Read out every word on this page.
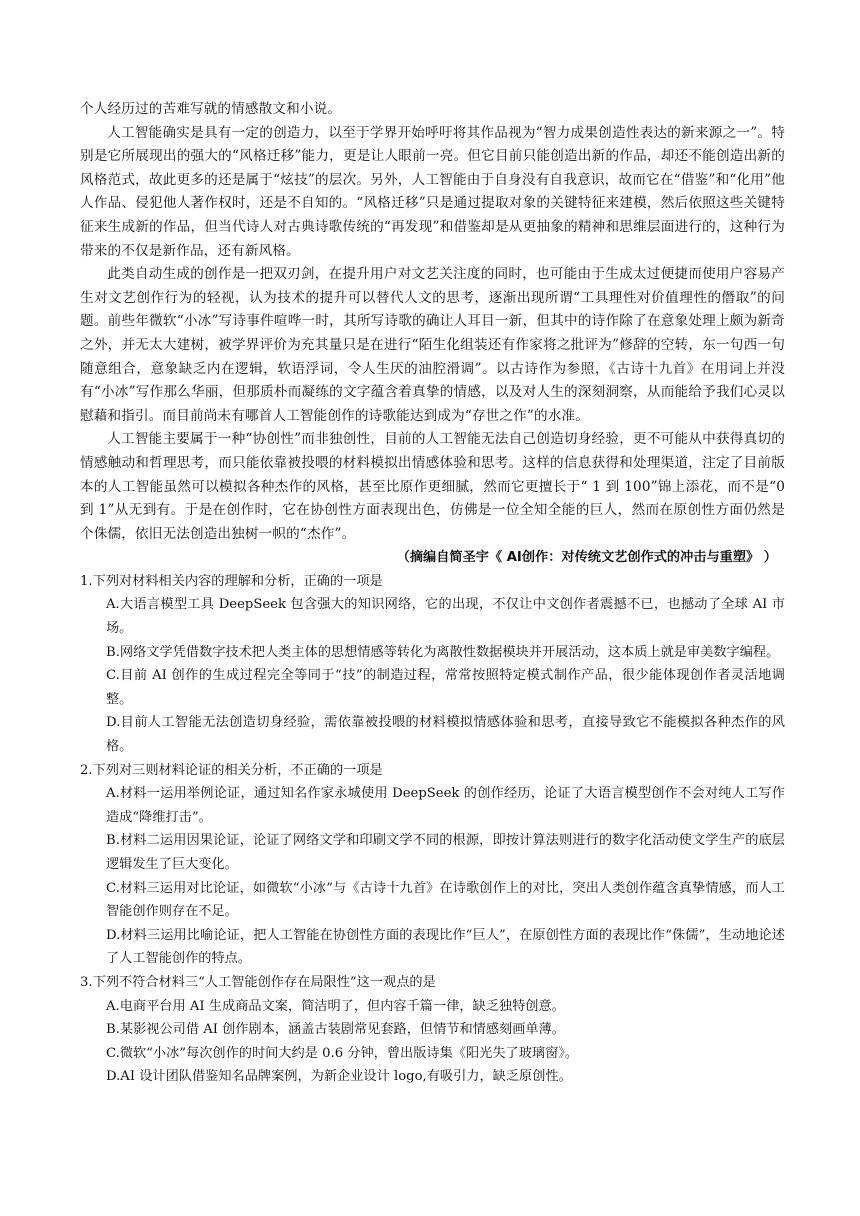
个人经历过的苦难写就的情感散文和小说。

人工智能确实是具有一定的创造力，以至于学界开始呼吁将其作品视为“智力成果创造性表达的新来源之一”。特别是它所展现出的强大的“风格迁移”能力，更是让人眼前一亮。但它目前只能创造出新的作品，却还不能创造出新的风格范式，故此更多的还是属于“炫技”的层次。另外，人工智能由于自身没有自我意识，故而它在“借鉴”和“化用”他人作品、侵犯他人著作权时，还是不自知的。“风格迁移”只是通过提取对象的关键特征来建模，然后依照这些关键特征来生成新的作品，但当代诗人对古典诗歌传统的“再发现”和借鉴却是从更抽象的精神和思维层面进行的，这种行为带来的不仅是新作品，还有新风格。

此类自动生成的创作是一把双刃剑，在提升用户对文艺关注度的同时，也可能由于生成太过便捷而使用户容易产生对文艺创作行为的轻视，认为技术的提升可以替代人文的思考，逐渐出现所谓“工具理性对价值理性的僭取”的问题。前些年微软“小冰”写诗事件喧哗一时，其所写诗歌的确让人耳目一新，但其中的诗作除了在意象处理上颇为新奇之外，并无太大建树，被学界评价为充其量只是在进行“陌生化组装还有作家将之批评为”修辞的空转，东一句西一句随意组合，意象缺乏内在逻辑，软语浮词，令人生厌的油腔滑调”。以古诗作为参照，《古诗十九首》在用词上并没有“小冰”写作那么华丽，但那质朴而凝练的文字蕴含着真挚的情感，以及对人生的深刻洞察，从而能给予我们心灵以慰藉和指引。而目前尚未有哪首人工智能创作的诗歌能达到成为“存世之作”的水准。

人工智能主要属于一种“协创性”而非独创性，目前的人工智能无法自己创造切身经验，更不可能从中获得真切的情感触动和哲理思考，而只能依靠被投喂的材料模拟出情感体验和思考。这样的信息获得和处理渠道，注定了目前版本的人工智能虽然可以模拟各种杰作的风格，甚至比原作更细腻，然而它更擅长于“ 1 到 100”锦上添花，而不是“0 到 1”从无到有。于是在创作时，它在协创性方面表现出色，仿佛是一位全知全能的巨人，然而在原创性方面仍然是个侏儒，依旧无法创造出独树一帜的“杰作”。

（摘编自简圣宇《 AI创作：对传统文艺创作式的冲击与重塑》 ）

1.下列对材料相关内容的理解和分析，正确的一项是

A.大语言模型工具 DeepSeek 包含强大的知识网络，它的出现，不仅让中文创作者震撼不已，也撼动了全球 AI 市场。

B.网络文学凭借数字技术把人类主体的思想情感等转化为离散性数据模块并开展活动，这本质上就是审美数字编程。

C.目前 AI 创作的生成过程完全等同于“技”的制造过程，常常按照特定模式制作产品，很少能体现创作者灵活地调整。

D.目前人工智能无法创造切身经验，需依靠被投喂的材料模拟情感体验和思考，直接导致它不能模拟各种杰作的风格。

2.下列对三则材料论证的相关分析，不正确的一项是

A.材料一运用举例论证，通过知名作家永城使用 DeepSeek 的创作经历，论证了大语言模型创作不会对纯人工写作造成“降维打击”。

B.材料二运用因果论证，论证了网络文学和印刷文学不同的根源，即按计算法则进行的数字化活动使文学生产的底层逻辑发生了巨大变化。

C.材料三运用对比论证，如微软“小冰”与《古诗十九首》在诗歌创作上的对比，突出人类创作蕴含真挚情感，而人工智能创作则存在不足。

D.材料三运用比喻论证，把人工智能在协创性方面的表现比作“巨人”，在原创性方面的表现比作“侏儒”，生动地论述了人工智能创作的特点。

3.下列不符合材料三“人工智能创作存在局限性”这一观点的是

A.电商平台用 AI 生成商品文案，简洁明了，但内容千篇一律，缺乏独特创意。

B.某影视公司借 AI 创作剧本，涵盖古装剧常见套路，但情节和情感刻画单薄。

C.微软“小冰”每次创作的时间大约是 0.6 分钟，曾出版诗集《阳光失了玻璃窗》。

D.AI 设计团队借鉴知名品牌案例，为新企业设计 logo,有吸引力，缺乏原创性。
